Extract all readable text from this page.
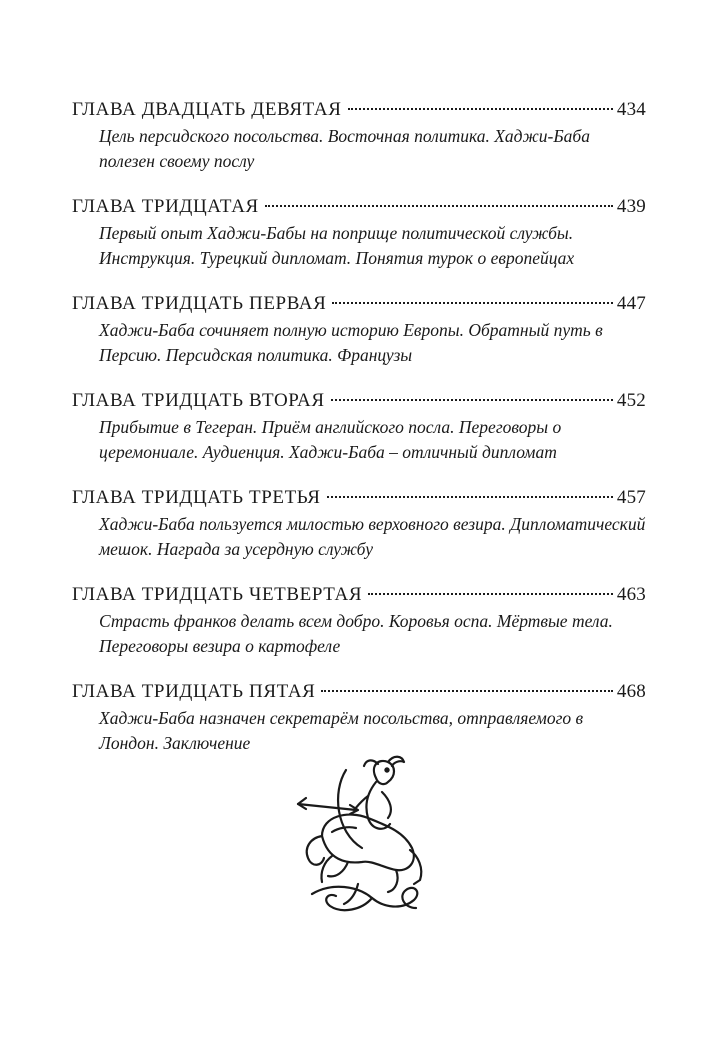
ГЛАВА ДВАДЦАТЬ ДЕВЯТАЯ	434
Цель персидского посольства. Восточная политика. Хаджи-Баба полезен своему послу
ГЛАВА ТРИДЦАТАЯ	439
Первый опыт Хаджи-Бабы на поприще политической службы. Инструкция. Турецкий дипломат. Понятия турок о европейцах
ГЛАВА ТРИДЦАТЬ ПЕРВАЯ	447
Хаджи-Баба сочиняет полную историю Европы. Обратный путь в Персию. Персидская политика. Французы
ГЛАВА ТРИДЦАТЬ ВТОРАЯ	452
Прибытие в Тегеран. Приём английского посла. Переговоры о церемониале. Аудиенция. Хаджи-Баба – отличный дипломат
ГЛАВА ТРИДЦАТЬ ТРЕТЬЯ	457
Хаджи-Баба пользуется милостью верховного везира. Дипломатический мешок. Награда за усердную службу
ГЛАВА ТРИДЦАТЬ ЧЕТВЕРТАЯ	463
Страсть франков делать всем добро. Коровья оспа. Мёртвые тела. Переговоры везира о картофеле
ГЛАВА ТРИДЦАТЬ ПЯТАЯ	468
Хаджи-Баба назначен секретарём посольства, отправляемого в Лондон. Заключение
